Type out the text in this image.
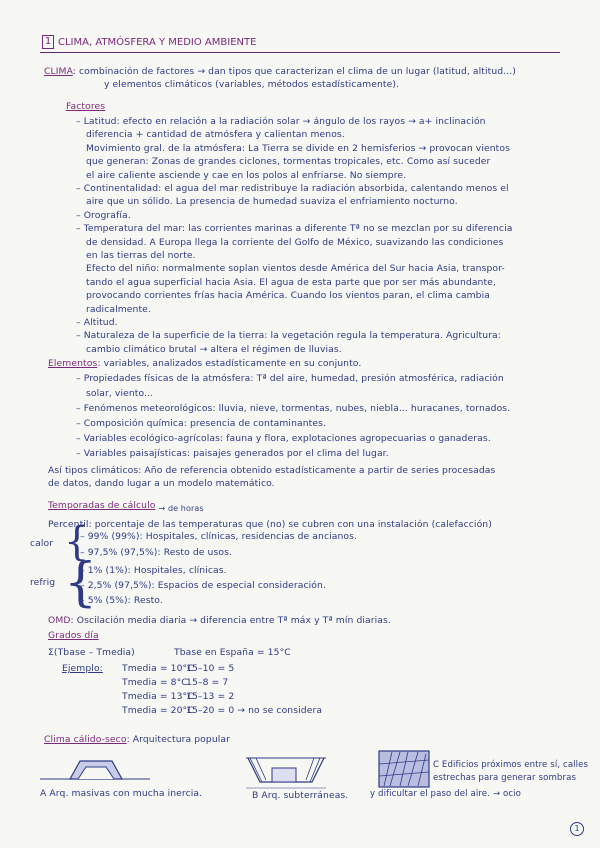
1 CLIMA, ATMÓSFERA Y MEDIO AMBIENTE
CLIMA: combinación de factores → dan tipos que caracterizan el clima de un lugar (latitud, altitud...)
y elementos climáticos (variables, métodos estadísticamente).
Factores
– Latitud: efecto en relación a la radiación solar → ángulo de los rayos → a+ inclinación
diferencia + cantidad de atmósfera y calientan menos.
Movimiento gral. de la atmósfera: La Tierra se divide en 2 hemisferios → provocan vientos
que generan: Zonas de grandes ciclones, tormentas tropicales, etc. Como así suceder
el aire caliente asciende y cae en los polos al enfriarse. No siempre.
– Continentalidad: el agua del mar redistribuye la radiación absorbida, calentando menos el
aire que un sólido. La presencia de humedad suaviza el enfriamiento nocturno.
– Orografía.
– Temperatura del mar: las corrientes marinas a diferente Tª no se mezclan por su diferencia
de densidad. A Europa llega la corriente del Golfo de México, suavizando las condiciones
en las tierras del norte.
Efecto del niño: normalmente soplan vientos desde América del Sur hacia Asia, transpor-
tando el agua superficial hacia Asia. El agua de esta parte que por ser más abundante,
provocando corrientes frías hacia América. Cuando los vientos paran, el clima cambia
radicalmente.
– Altitud.
– Naturaleza de la superficie de la tierra: la vegetación regula la temperatura. Agricultura:
cambio climático brutal → altera el régimen de lluvias.
Elementos: variables, analizados estadísticamente en su conjunto.
– Propiedades físicas de la atmósfera: Tª del aire, humedad, presión atmosférica, radiación
solar, viento...
– Fenómenos meteorológicos: lluvia, nieve, tormentas, nubes, niebla... huracanes, tornados.
– Composición química: presencia de contaminantes.
– Variables ecológico-agrícolas: fauna y flora, explotaciones agropecuarias o ganaderas.
– Variables paisajísticas: paisajes generados por el clima del lugar.
Así tipos climáticos: Año de referencia obtenido estadísticamente a partir de series procesadas
de datos, dando lugar a un modelo matemático.
Temporadas de cálculo → de horas
Percentil: porcentaje de las temperaturas que (no) se cubren con una instalación (calefacción)
calor {
– 99% (99%): Hospitales, clínicas, residencias de ancianos.
– 97,5% (97,5%): Resto de usos.
refrig {
– 1% (1%): Hospitales, clínicas.
– 2,5% (97,5%): Espacios de especial consideración.
– 5% (5%): Resto.
OMD: Oscilación media diaria → diferencia entre Tª máx y Tª mín diarias.
Grados día
Σ(Tbase – Tmedia)	Tbase en España = 15°C
Ejemplo: Tmedia = 10°C
15–10 = 5
Tmedia = 8°C
15–8 = 7
Tmedia = 13°C
15–13 = 2
Tmedia = 20°C
15–20 = 0 → no se considera
Clima cálido-seco: Arquitectura popular
A Arq. masivas con mucha inercia.	B Arq. subterráneas.
C Edificios próximos entre sí, calles
estrechas para generar sombras
y dificultar el paso del aire. → ocio
1
